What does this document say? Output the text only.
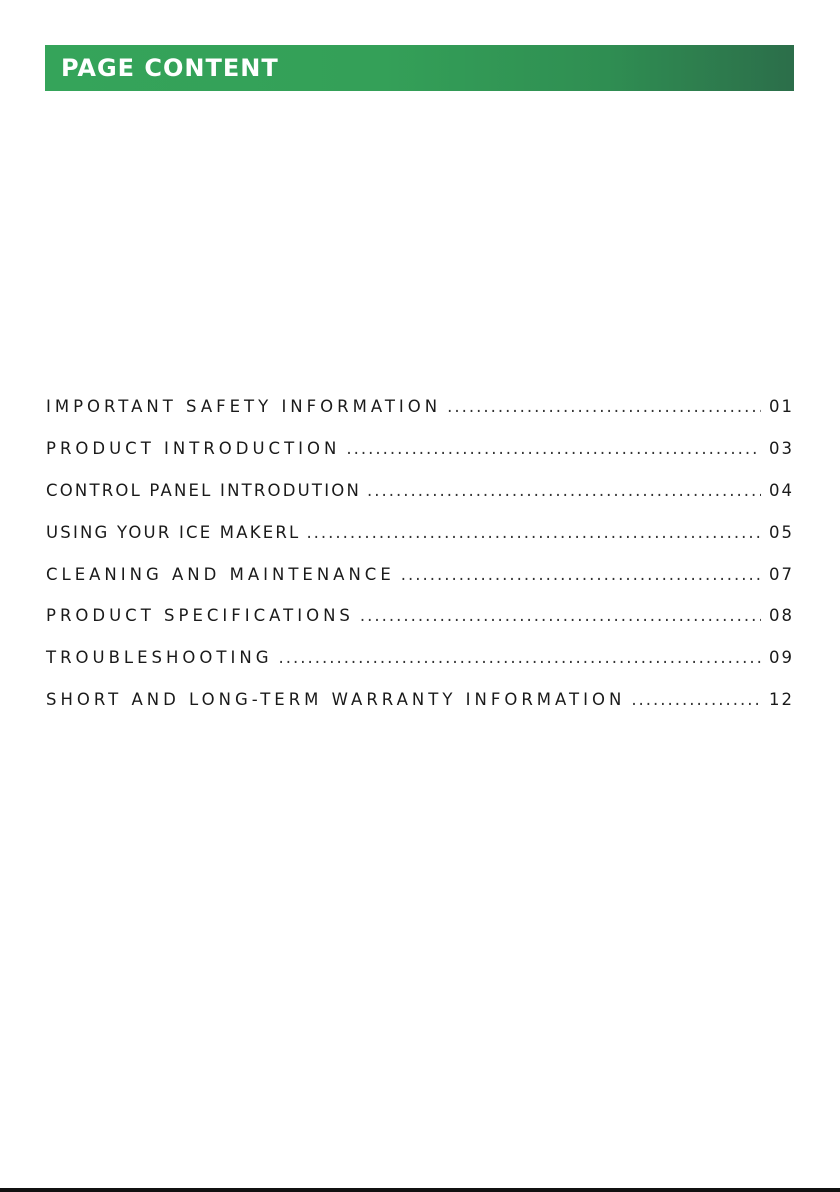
PAGE CONTENT
IMPORTANT SAFETY INFORMATION .....	01
PRODUCT INTRODUCTION .....	03
CONTROL PANEL INTRODUTION .....	04
USING YOUR ICE MAKERL .....	05
CLEANING AND MAINTENANCE .....	07
PRODUCT SPECIFICATIONS .....	08
TROUBLESHOOTING .....	09
SHORT AND LONG-TERM WARRANTY INFORMATION .....	12
